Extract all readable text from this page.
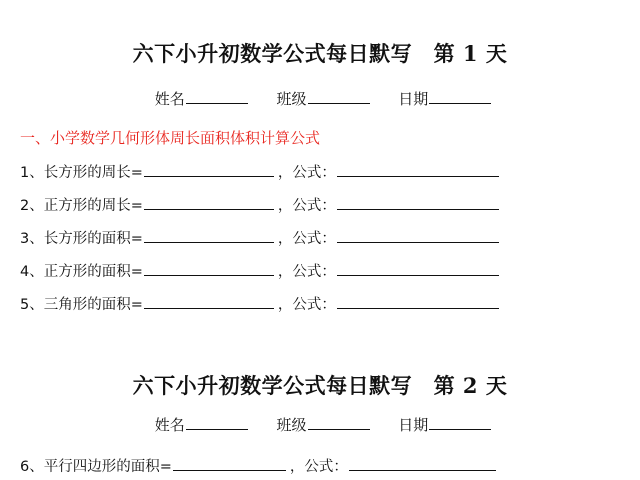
六下小升初数学公式每日默写　第 1 天
姓名	班级	日期
一、小学数学几何形体周长面积体积计算公式
1、长方形的周长=	，公式：
2、正方形的周长=	，公式：
3、长方形的面积=	，公式：
4、正方形的面积=	，公式：
5、三角形的面积=	，公式：
六下小升初数学公式每日默写　第 2 天
姓名	班级	日期
6、平行四边形的面积=	，公式：
